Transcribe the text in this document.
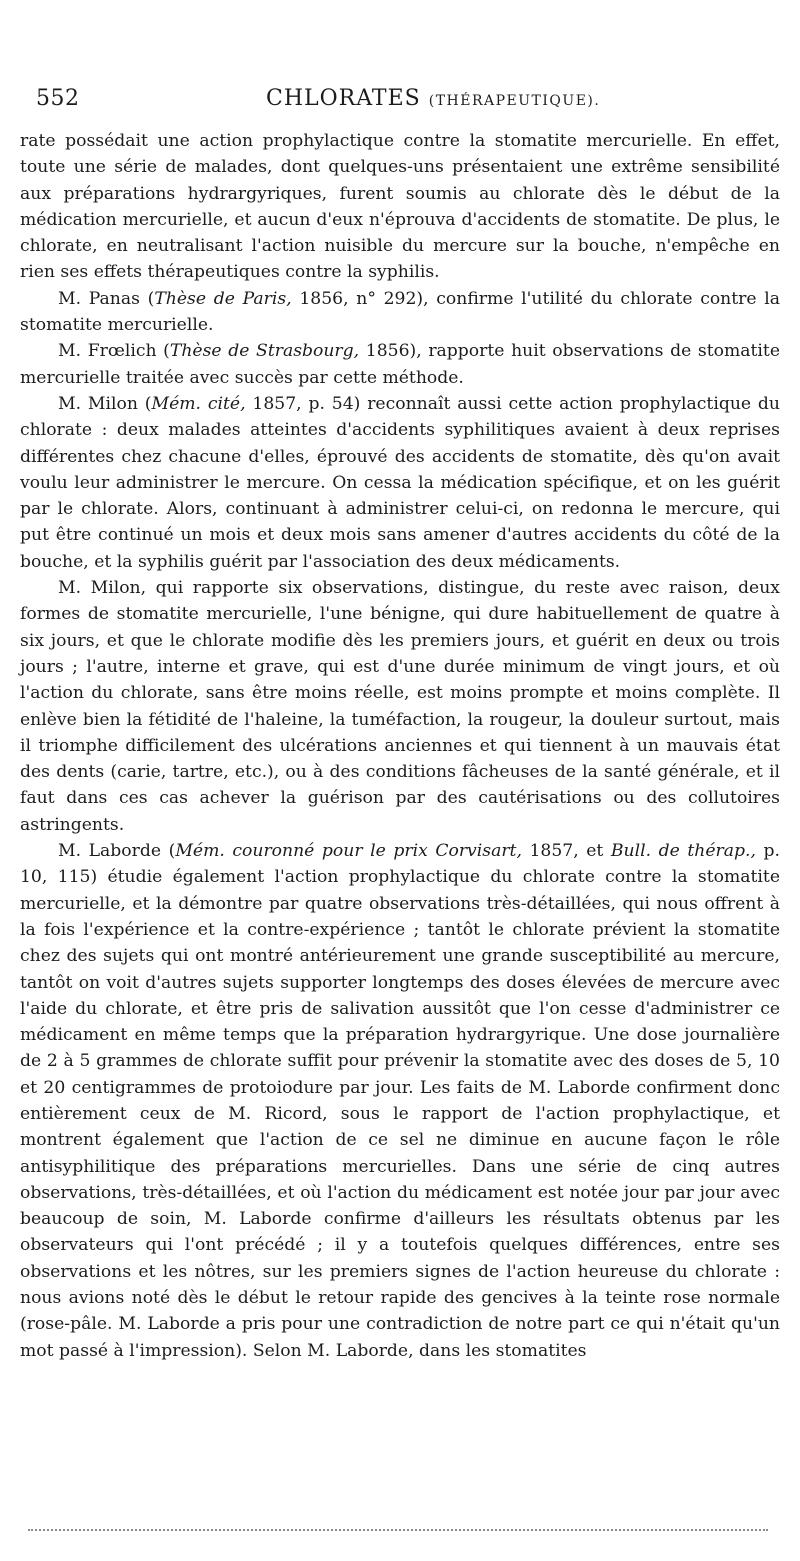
552	CHLORATES (THÉRAPEUTIQUE).

rate possédait une action prophylactique contre la stomatite mercurielle. En effet, toute une série de malades, dont quelques-uns présentaient une extrême sensibilité aux préparations hydrargyriques, furent soumis au chlorate dès le début de la médication mercurielle, et aucun d'eux n'éprouva d'accidents de stomatite. De plus, le chlorate, en neutralisant l'action nuisible du mercure sur la bouche, n'empêche en rien ses effets thérapeutiques contre la syphilis.

M. Panas (Thèse de Paris, 1856, n° 292), confirme l'utilité du chlorate contre la stomatite mercurielle.

M. Frœlich (Thèse de Strasbourg, 1856), rapporte huit observations de stomatite mercurielle traitée avec succès par cette méthode.

M. Milon (Mém. cité, 1857, p. 54) reconnaît aussi cette action prophylactique du chlorate : deux malades atteintes d'accidents syphilitiques avaient à deux reprises différentes chez chacune d'elles, éprouvé des accidents de stomatite, dès qu'on avait voulu leur administrer le mercure. On cessa la médication spécifique, et on les guérit par le chlorate. Alors, continuant à administrer celui-ci, on redonna le mercure, qui put être continué un mois et deux mois sans amener d'autres accidents du côté de la bouche, et la syphilis guérit par l'association des deux médicaments.

M. Milon, qui rapporte six observations, distingue, du reste avec raison, deux formes de stomatite mercurielle, l'une bénigne, qui dure habituellement de quatre à six jours, et que le chlorate modifie dès les premiers jours, et guérit en deux ou trois jours ; l'autre, interne et grave, qui est d'une durée minimum de vingt jours, et où l'action du chlorate, sans être moins réelle, est moins prompte et moins complète. Il enlève bien la fétidité de l'haleine, la tuméfaction, la rougeur, la douleur surtout, mais il triomphe difficilement des ulcérations anciennes et qui tiennent à un mauvais état des dents (carie, tartre, etc.), ou à des conditions fâcheuses de la santé générale, et il faut dans ces cas achever la guérison par des cautérisations ou des collutoires astringents.

M. Laborde (Mém. couronné pour le prix Corvisart, 1857, et Bull. de thérap., p. 10, 115) étudie également l'action prophylactique du chlorate contre la stomatite mercurielle, et la démontre par quatre observations très-détaillées, qui nous offrent à la fois l'expérience et la contre-expérience ; tantôt le chlorate prévient la stomatite chez des sujets qui ont montré antérieurement une grande susceptibilité au mercure, tantôt on voit d'autres sujets supporter longtemps des doses élevées de mercure avec l'aide du chlorate, et être pris de salivation aussitôt que l'on cesse d'administrer ce médicament en même temps que la préparation hydrargyrique. Une dose journalière de 2 à 5 grammes de chlorate suffit pour prévenir la stomatite avec des doses de 5, 10 et 20 centigrammes de protoiodure par jour. Les faits de M. Laborde confirment donc entièrement ceux de M. Ricord, sous le rapport de l'action prophylactique, et montrent également que l'action de ce sel ne diminue en aucune façon le rôle antisyphilitique des préparations mercurielles. Dans une série de cinq autres observations, très-détaillées, et où l'action du médicament est notée jour par jour avec beaucoup de soin, M. Laborde confirme d'ailleurs les résultats obtenus par les observateurs qui l'ont précédé ; il y a toutefois quelques différences, entre ses observations et les nôtres, sur les premiers signes de l'action heureuse du chlorate : nous avions noté dès le début le retour rapide des gencives à la teinte rose normale (rose-pâle. M. Laborde a pris pour une contradiction de notre part ce qui n'était qu'un mot passé à l'impression). Selon M. Laborde, dans les stomatites
